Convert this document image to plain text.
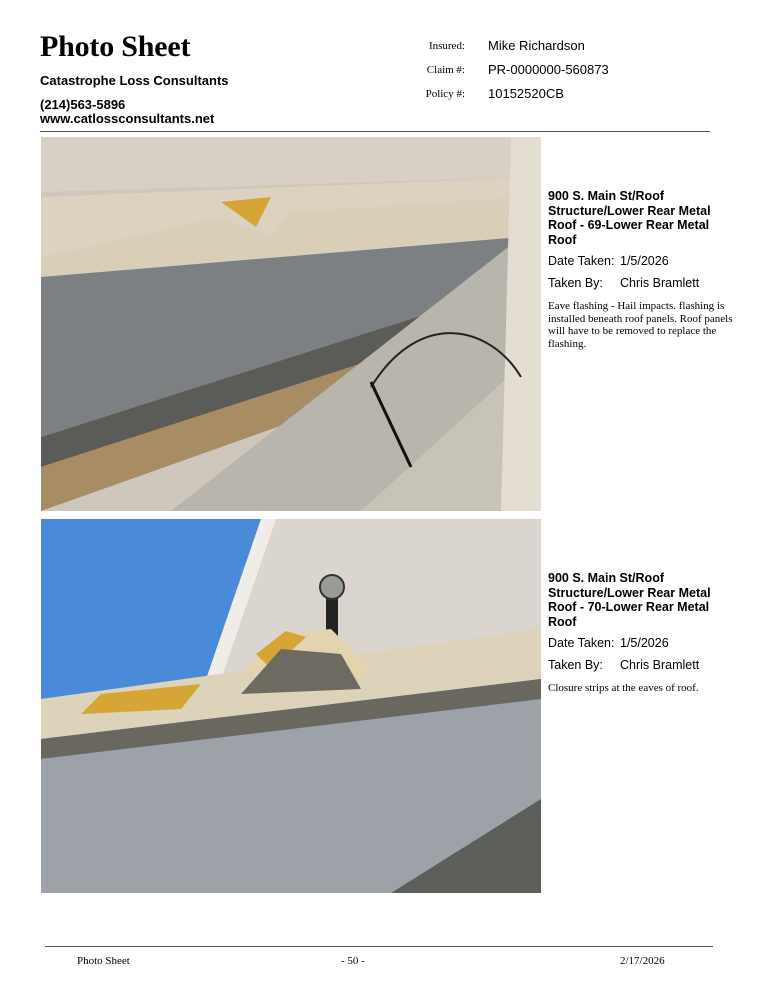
Photo Sheet
Catastrophe Loss Consultants
(214)563-5896
www.catlossconsultants.net
Insured: Mike Richardson
Claim #: PR-0000000-560873
Policy #: 10152520CB
900 S. Main St/Roof Structure/Lower Rear Metal Roof - 69-Lower Rear Metal Roof
Date Taken: 1/5/2026
Taken By: Chris Bramlett
Eave flashing - Hail impacts. flashing is installed beneath roof panels. Roof panels will have to be removed to replace the flashing.
900 S. Main St/Roof Structure/Lower Rear Metal Roof - 70-Lower Rear Metal Roof
Date Taken: 1/5/2026
Taken By: Chris Bramlett
Closure strips at the eaves of roof.
Photo Sheet	- 50 -	2/17/2026
